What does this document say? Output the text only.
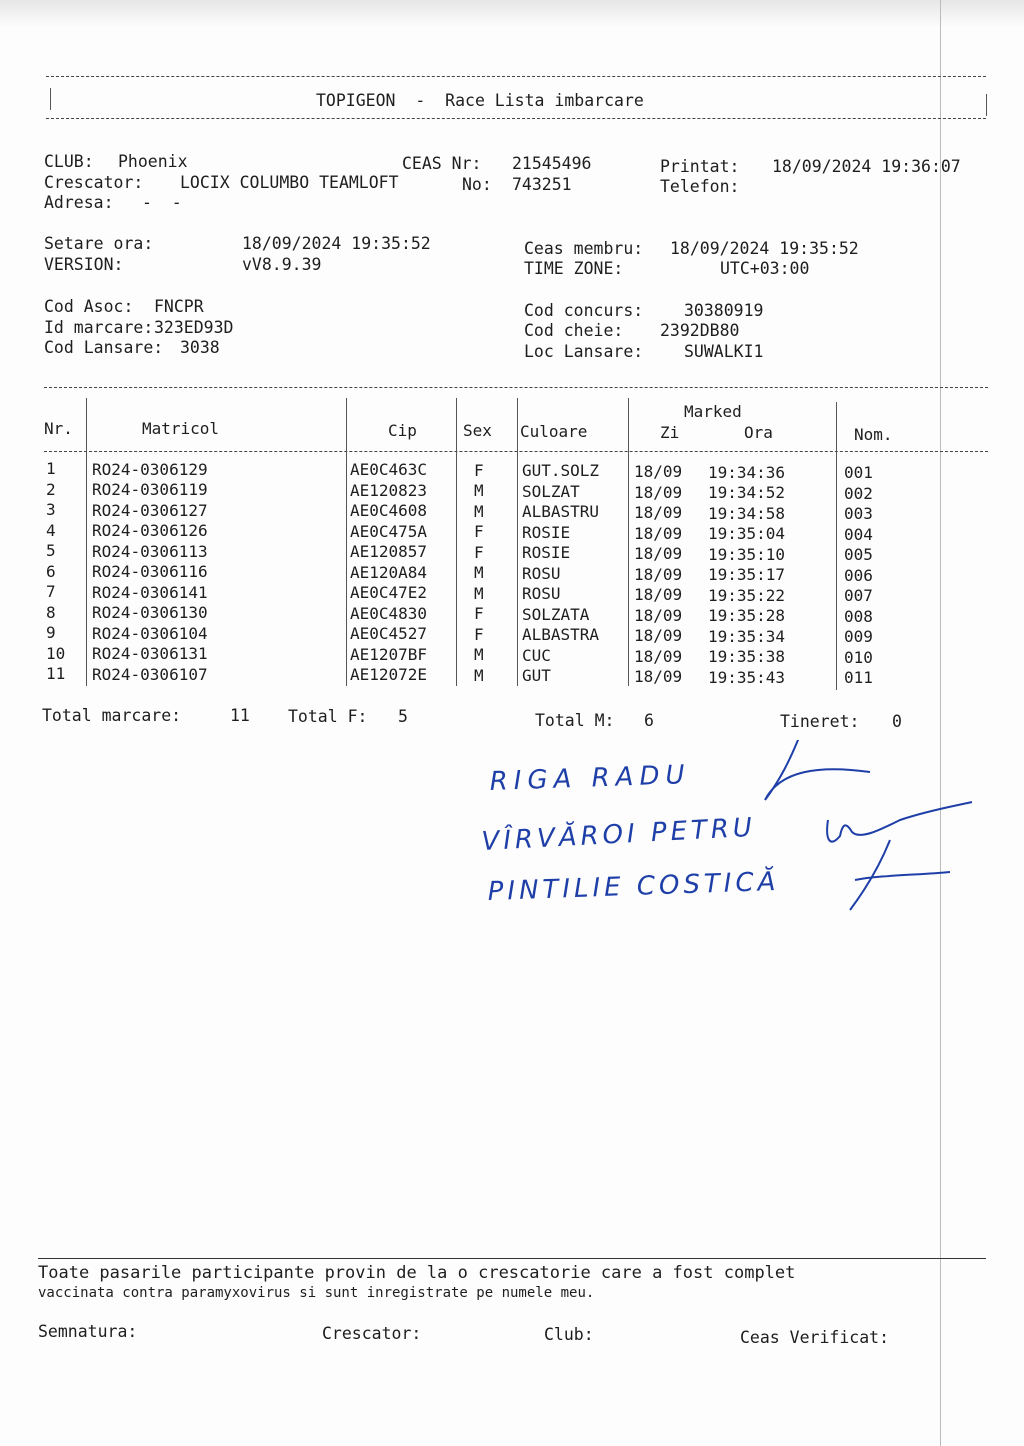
TOPIGEON  -  Race Lista imbarcare
CLUB: Phoenix	CEAS Nr: 21545496	Printat: 18/09/2024 19:36:07
Crescator: LOCIX COLUMBO TEAMLOFT	No: 743251	Telefon:
Adresa: -  -
Setare ora:	18/09/2024 19:35:52	Ceas membru: 18/09/2024 19:35:52
VERSION:	vV8.9.39	TIME ZONE:	UTC+03:00
Cod Asoc: FNCPR	Cod concurs: 30380919
Id marcare: 323ED93D	Cod cheie: 2392DB80
Cod Lansare: 3038	Loc Lansare: SUWALKI1
Nr.	Matricol	Cip	Sex Culoare
Marked
Zi	Ora	Nom.
1 RO24-0306129	AE0C463C	F GUT.SOLZ 18/09 19:34:36	001
2 RO24-0306119	AE120823	M SOLZAT	18/09 19:34:52	002
3 RO24-0306127	AE0C4608	M ALBASTRU 18/09 19:34:58	003
4 RO24-0306126	AE0C475A	F ROSIE	18/09 19:35:04	004
5 RO24-0306113	AE120857	F ROSIE	18/09 19:35:10	005
6 RO24-0306116	AE120A84	M ROSU	18/09 19:35:17	006
7 RO24-0306141	AE0C47E2	M ROSU	18/09 19:35:22	007
8 RO24-0306130	AE0C4830	F SOLZATA	18/09 19:35:28	008
9 RO24-0306104	AE0C4527	F ALBASTRA 18/09 19:35:34	009
10 RO24-0306131	AE1207BF	M CUC	18/09 19:35:38	010
11 RO24-0306107	AE12072E	M GUT	18/09 19:35:43	011
Total marcare:	11 Total F: 5	Total M: 6	Tineret: 0
RIGA RADU
VÎRVĂROI PETRU
PINTILIE COSTICĂ
Toate pasarile participante provin de la o crescatorie care a fost complet
vaccinata contra paramyxovirus si sunt inregistrate pe numele meu.
Semnatura:	Crescator:	Club:	Ceas Verificat:
